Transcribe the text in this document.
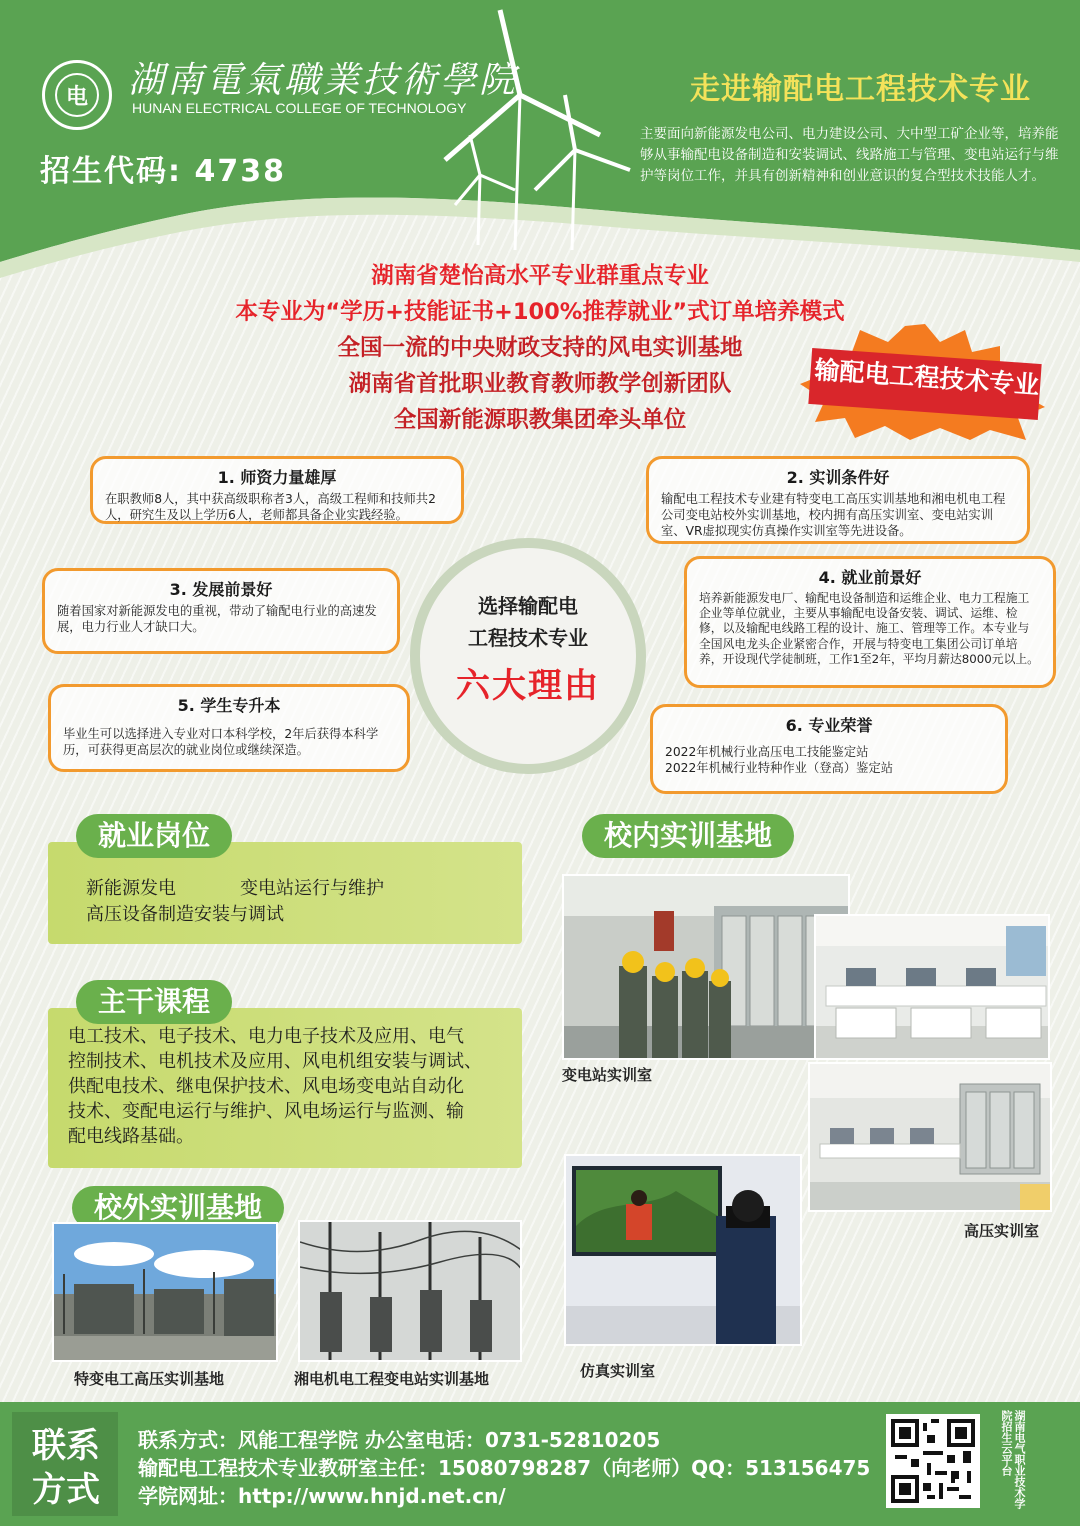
电	湖南電氣職業技術學院
HUNAN ELECTRICAL COLLEGE OF TECHNOLOGY
招生代码: 4738
走进输配电工程技术专业
主要面向新能源发电公司、电力建设公司、大中型工矿企业等，培养能够从事输配电设备制造和安装调试、线路施工与管理、变电站运行与维护等岗位工作，并具有创新精神和创业意识的复合型技术技能人才。
湖南省楚怡高水平专业群重点专业
本专业为“学历+技能证书+100%推荐就业”式订单培养模式
全国一流的中央财政支持的风电实训基地
湖南省首批职业教育教师教学创新团队
全国新能源职教集团牵头单位
输配电工程技术专业
选择输配电
工程技术专业
六大理由
1. 师资力量雄厚
在职教师8人，其中获高级职称者3人，高级工程师和技师共2人，研究生及以上学历6人，老师都具备企业实践经验。
2. 实训条件好
输配电工程技术专业建有特变电工高压实训基地和湘电机电工程公司变电站校外实训基地，校内拥有高压实训室、变电站实训室、VR虚拟现实仿真操作实训室等先进设备。
3. 发展前景好
随着国家对新能源发电的重视，带动了输配电行业的高速发展，电力行业人才缺口大。
4. 就业前景好
培养新能源发电厂、输配电设备制造和运维企业、电力工程施工企业等单位就业，主要从事输配电设备安装、调试、运维、检修，以及输配电线路工程的设计、施工、管理等工作。本专业与全国风电龙头企业紧密合作，开展与特变电工集团公司订单培养，开设现代学徒制班，工作1至2年，平均月薪达8000元以上。
5. 学生专升本
毕业生可以选择进入专业对口本科学校，2年后获得本科学历，可获得更高层次的就业岗位或继续深造。
6. 专业荣誉
2022年机械行业高压电工技能鉴定站
2022年机械行业特种作业（登高）鉴定站
就业岗位
新能源发电	变电站运行与维护
高压设备制造安装与调试
主干课程
电工技术、电子技术、电力电子技术及应用、电气
控制技术、电机技术及应用、风电机组安装与调试、
供配电技术、继电保护技术、风电场变电站自动化
技术、变配电运行与维护、风电场运行与监测、输
配电线路基础。
校内实训基地
变电站实训室
高压实训室
仿真实训室
校外实训基地
特变电工高压实训基地	湘电机电工程变电站实训基地
联系
方式
联系方式：风能工程学院 办公室电话：0731-52810205
输配电工程技术专业教研室主任：15080798287（向老师）QQ：513156475
学院网址：http://www.hnjd.net.cn/	湖南电气职业技术学院招生云平台
